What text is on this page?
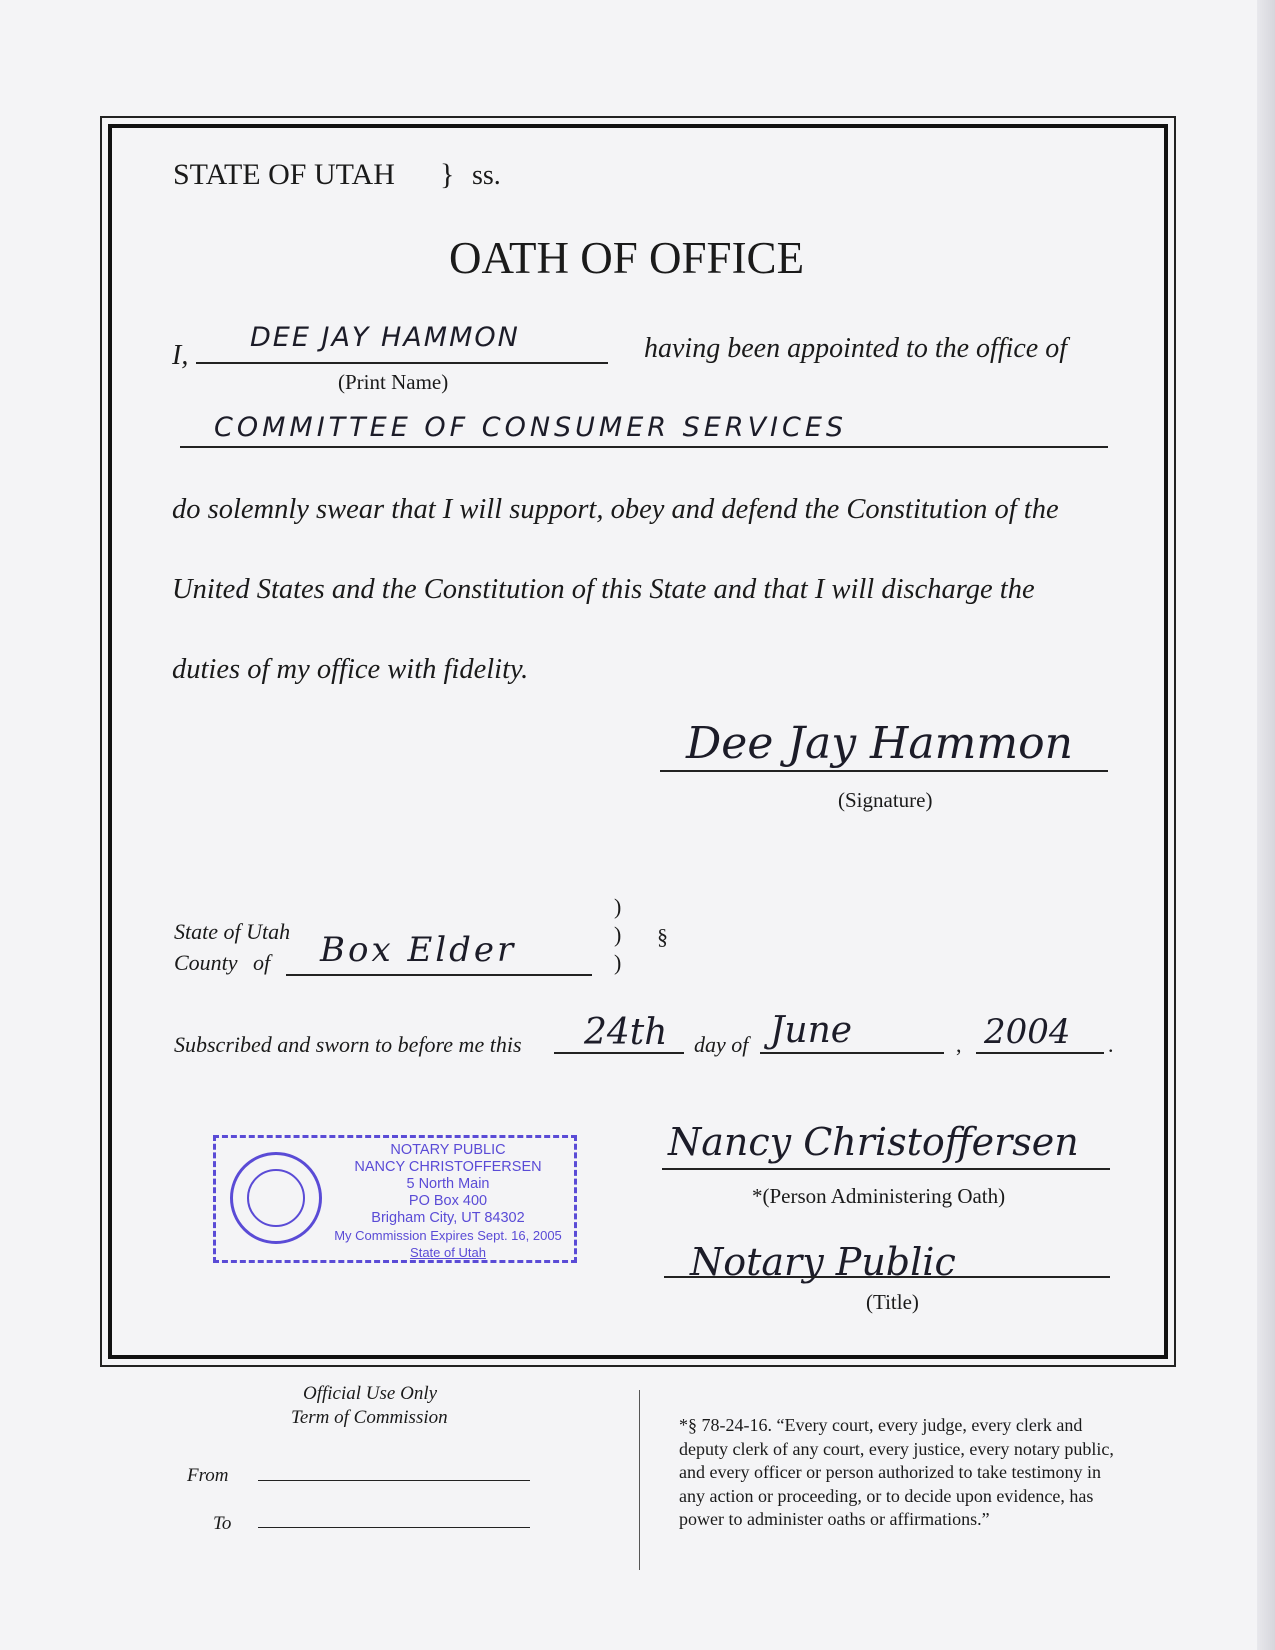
STATE OF UTAH } ss.
OATH OF OFFICE
I,
DEE JAY HAMMON
(Print Name)
having been appointed to the office of
COMMITTEE OF CONSUMER SERVICES
do solemnly swear that I will support, obey and defend the Constitution of the
United States and the Constitution of this State and that I will discharge the
duties of my office with fidelity.
Dee Jay Hammon
(Signature)
State of Utah
County of Box Elder
)
)
)
§
Subscribed and sworn to before me this 24th day of June	, 2004 .
NOTARY PUBLIC
NANCY CHRISTOFFERSEN
5 North Main
PO Box 400
Brigham City, UT 84302
My Commission Expires Sept. 16, 2005
State of Utah
Nancy Christoffersen
*(Person Administering Oath)
Notary Public
(Title)
Official Use Only
Term of Commission
From
To
*§ 78-24-16. “Every court, every judge, every clerk and
deputy clerk of any court, every justice, every notary public,
and every officer or person authorized to take testimony in
any action or proceeding, or to decide upon evidence, has
power to administer oaths or affirmations.”
